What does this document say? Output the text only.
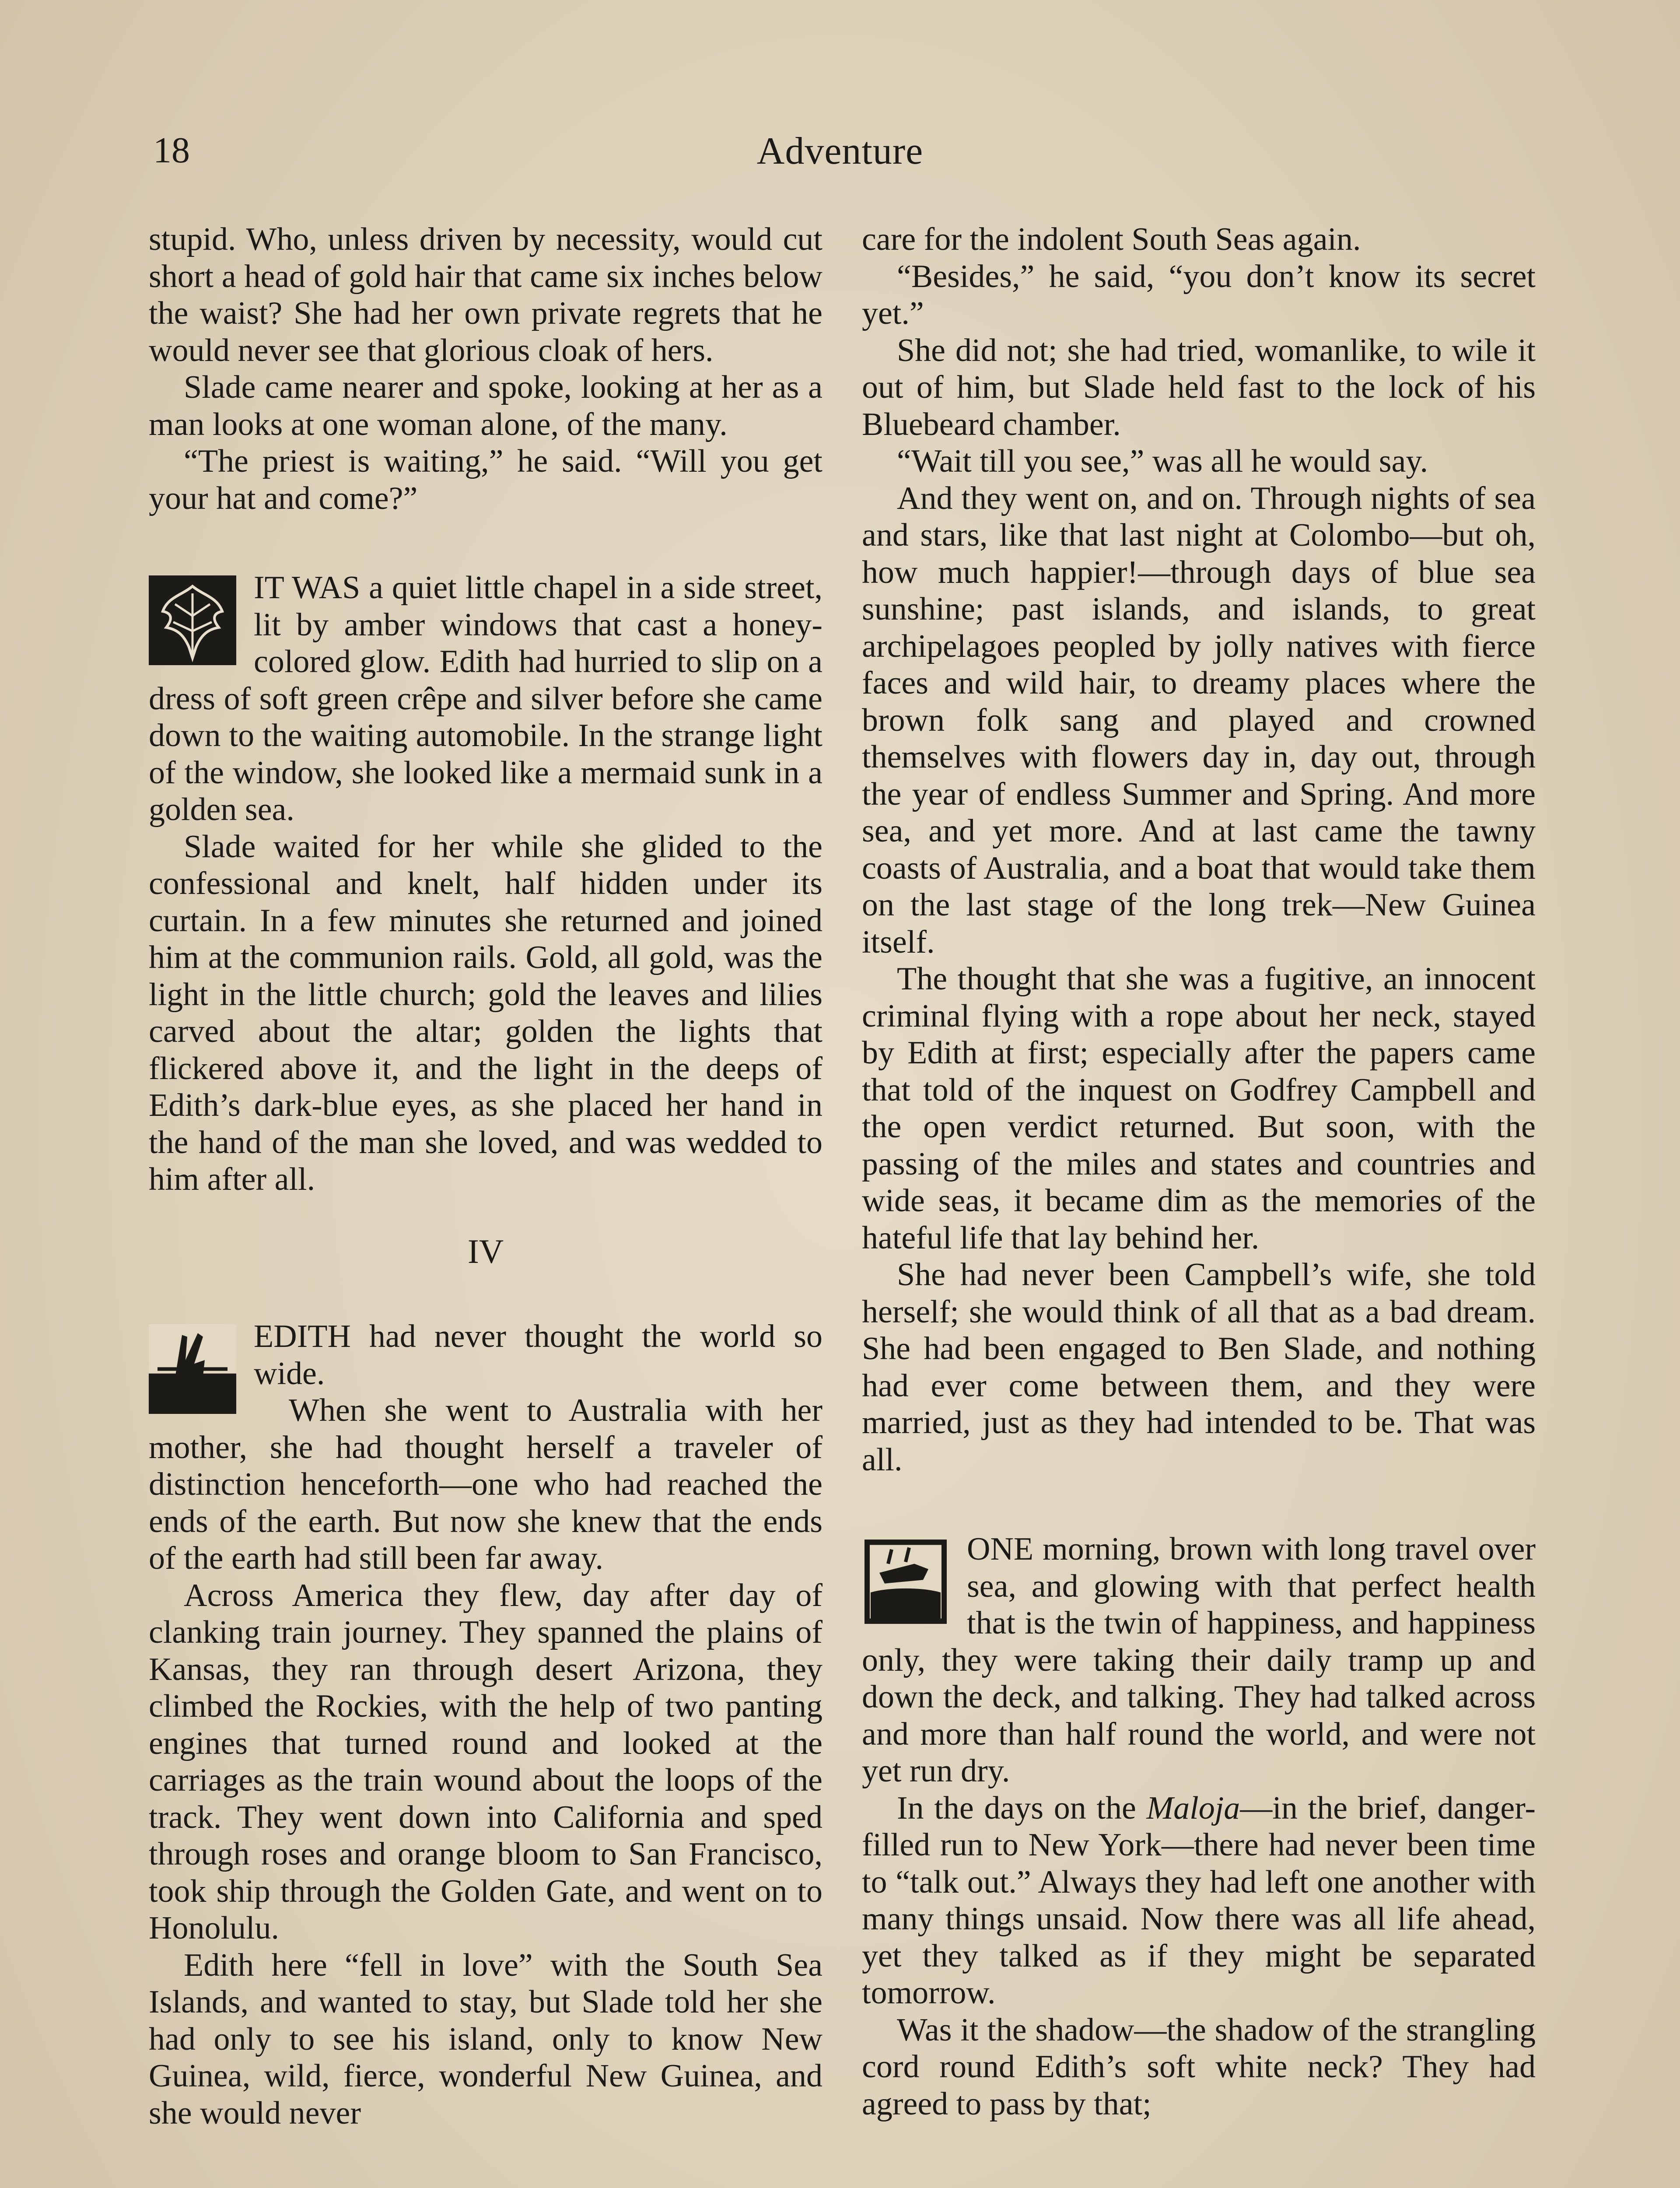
18	Adventure

stupid. Who, unless driven by necessity, would cut short a head of gold hair that came six inches below the waist? She had her own private regrets that he would never see that glorious cloak of hers.

Slade came nearer and spoke, looking at her as a man looks at one woman alone, of the many.

“The priest is waiting,” he said. “Will you get your hat and come?”

IT WAS a quiet little chapel in a side street, lit by amber windows that cast a honey-colored glow. Edith had hurried to slip on a dress of soft green crêpe and silver before she came down to the waiting automobile. In the strange light of the window, she looked like a mermaid sunk in a golden sea.

Slade waited for her while she glided to the confessional and knelt, half hidden under its curtain. In a few minutes she returned and joined him at the communion rails. Gold, all gold, was the light in the little church; gold the leaves and lilies carved about the altar; golden the lights that flickered above it, and the light in the deeps of Edith’s dark-blue eyes, as she placed her hand in the hand of the man she loved, and was wedded to him after all.

IV

EDITH had never thought the world so wide.

When she went to Australia with her mother, she had thought herself a traveler of distinction henceforth—one who had reached the ends of the earth. But now she knew that the ends of the earth had still been far away.

Across America they flew, day after day of clanking train journey. They spanned the plains of Kansas, they ran through desert Arizona, they climbed the Rockies, with the help of two panting engines that turned round and looked at the carriages as the train wound about the loops of the track. They went down into California and sped through roses and orange bloom to San Francisco, took ship through the Golden Gate, and went on to Honolulu.

Edith here “fell in love” with the South Sea Islands, and wanted to stay, but Slade told her she had only to see his island, only to know New Guinea, wild, fierce, wonderful New Guinea, and she would never

care for the indolent South Seas again.

“Besides,” he said, “you don’t know its secret yet.”

She did not; she had tried, womanlike, to wile it out of him, but Slade held fast to the lock of his Bluebeard chamber.

“Wait till you see,” was all he would say.

And they went on, and on. Through nights of sea and stars, like that last night at Colombo—but oh, how much happier!—through days of blue sea sunshine; past islands, and islands, to great archipelagoes peopled by jolly natives with fierce faces and wild hair, to dreamy places where the brown folk sang and played and crowned themselves with flowers day in, day out, through the year of endless Summer and Spring. And more sea, and yet more. And at last came the tawny coasts of Australia, and a boat that would take them on the last stage of the long trek—New Guinea itself.

The thought that she was a fugitive, an innocent criminal flying with a rope about her neck, stayed by Edith at first; especially after the papers came that told of the inquest on Godfrey Campbell and the open verdict returned. But soon, with the passing of the miles and states and countries and wide seas, it became dim as the memories of the hateful life that lay behind her.

She had never been Campbell’s wife, she told herself; she would think of all that as a bad dream. She had been engaged to Ben Slade, and nothing had ever come between them, and they were married, just as they had intended to be. That was all.

ONE morning, brown with long travel over sea, and glowing with that perfect health that is the twin of happiness, and happiness only, they were taking their daily tramp up and down the deck, and talking. They had talked across and more than half round the world, and were not yet run dry.

In the days on the Maloja—in the brief, danger-filled run to New York—there had never been time to “talk out.” Always they had left one another with many things unsaid. Now there was all life ahead, yet they talked as if they might be separated tomorrow.

Was it the shadow—the shadow of the strangling cord round Edith’s soft white neck? They had agreed to pass by that;
